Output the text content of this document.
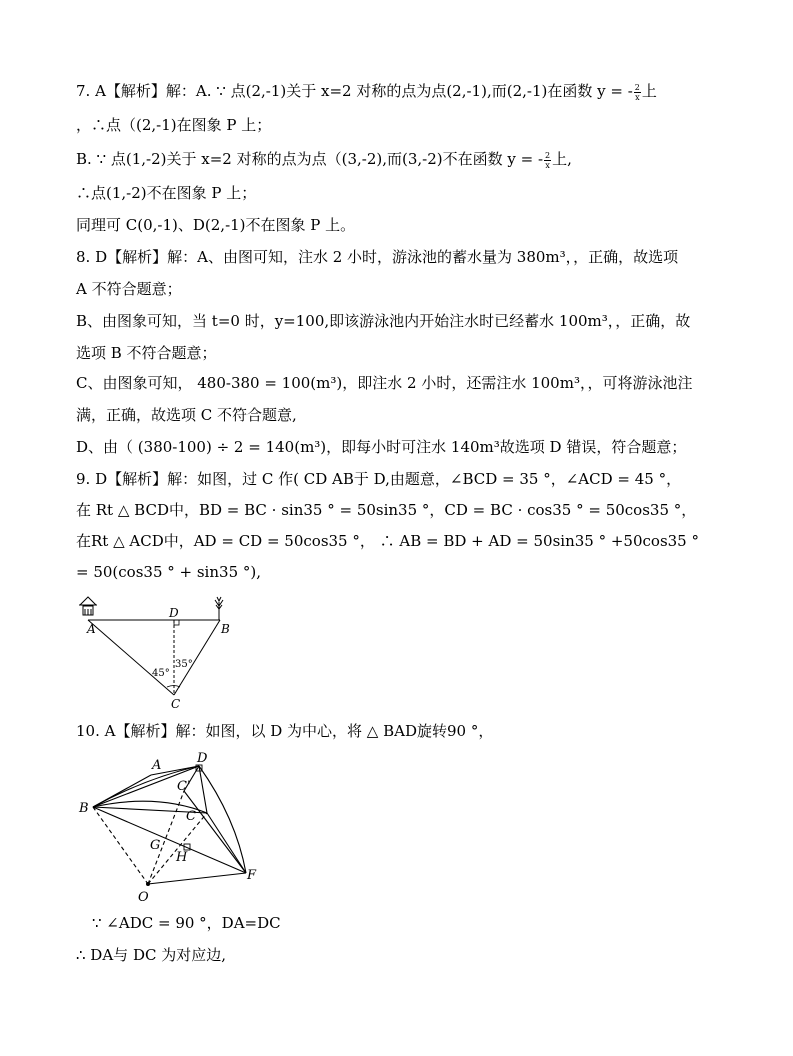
7. A【解析】解：A. ∵ 点(2,-1)关于 x=2 对称的点为点(2,-1),而(2,-1)在函数 y = - $\frac{2}{x}$ 上
，∴点（(2,-1)在图象 P 上；
B. ∵ 点(1,-2)关于 x=2 对称的点为点（(3,-2),而(3,-2)不在函数 y = - $\frac{2}{x}$ 上,
∴点(1,-2)不在图象 P 上；
同理可 C(0,-1)、D(2,-1)不在图象 P 上。
8. D【解析】解：A、由图可知，注水 2 小时，游泳池的蓄水量为 380m³，，正确，故选项
A 不符合题意；
B、由图象可知，当 t=0 时，y=100,即该游泳池内开始注水时已经蓄水 100m³，，正确，故
选项 B 不符合题意；
C、由图象可知， 480-380 = 100(m³)，即注水 2 小时，还需注水 100m³，，可将游泳池注
满，正确，故选项 C 不符合题意,
D、由（ (380-100) ÷ 2 = 140(m³)，即每小时可注水 140m³故选项 D 错误，符合题意；
9. D【解析】解：如图，过 C 作( CD AB于 D,由题意，∠BCD = 35 °，∠ACD = 45 °，
在 Rt △ BCD中，BD = BC · sin35 ° = 50sin35 °，CD = BC · cos35 ° = 50cos35 °，
在Rt △ ACD中，AD = CD = 50cos35 °， ∴ AB = BD + AD = 50sin35 ° +50cos35 °
= 50(cos35 ° + sin35 °),
A	B
D
C
45°
35°
10. A【解析】解：如图，以 D 为中心，将 △ BAD旋转90 °，
A	D
B
C'
C
G
H
O
F
∵ ∠ADC = 90 °，DA=DC
∴ DA与 DC 为对应边,
